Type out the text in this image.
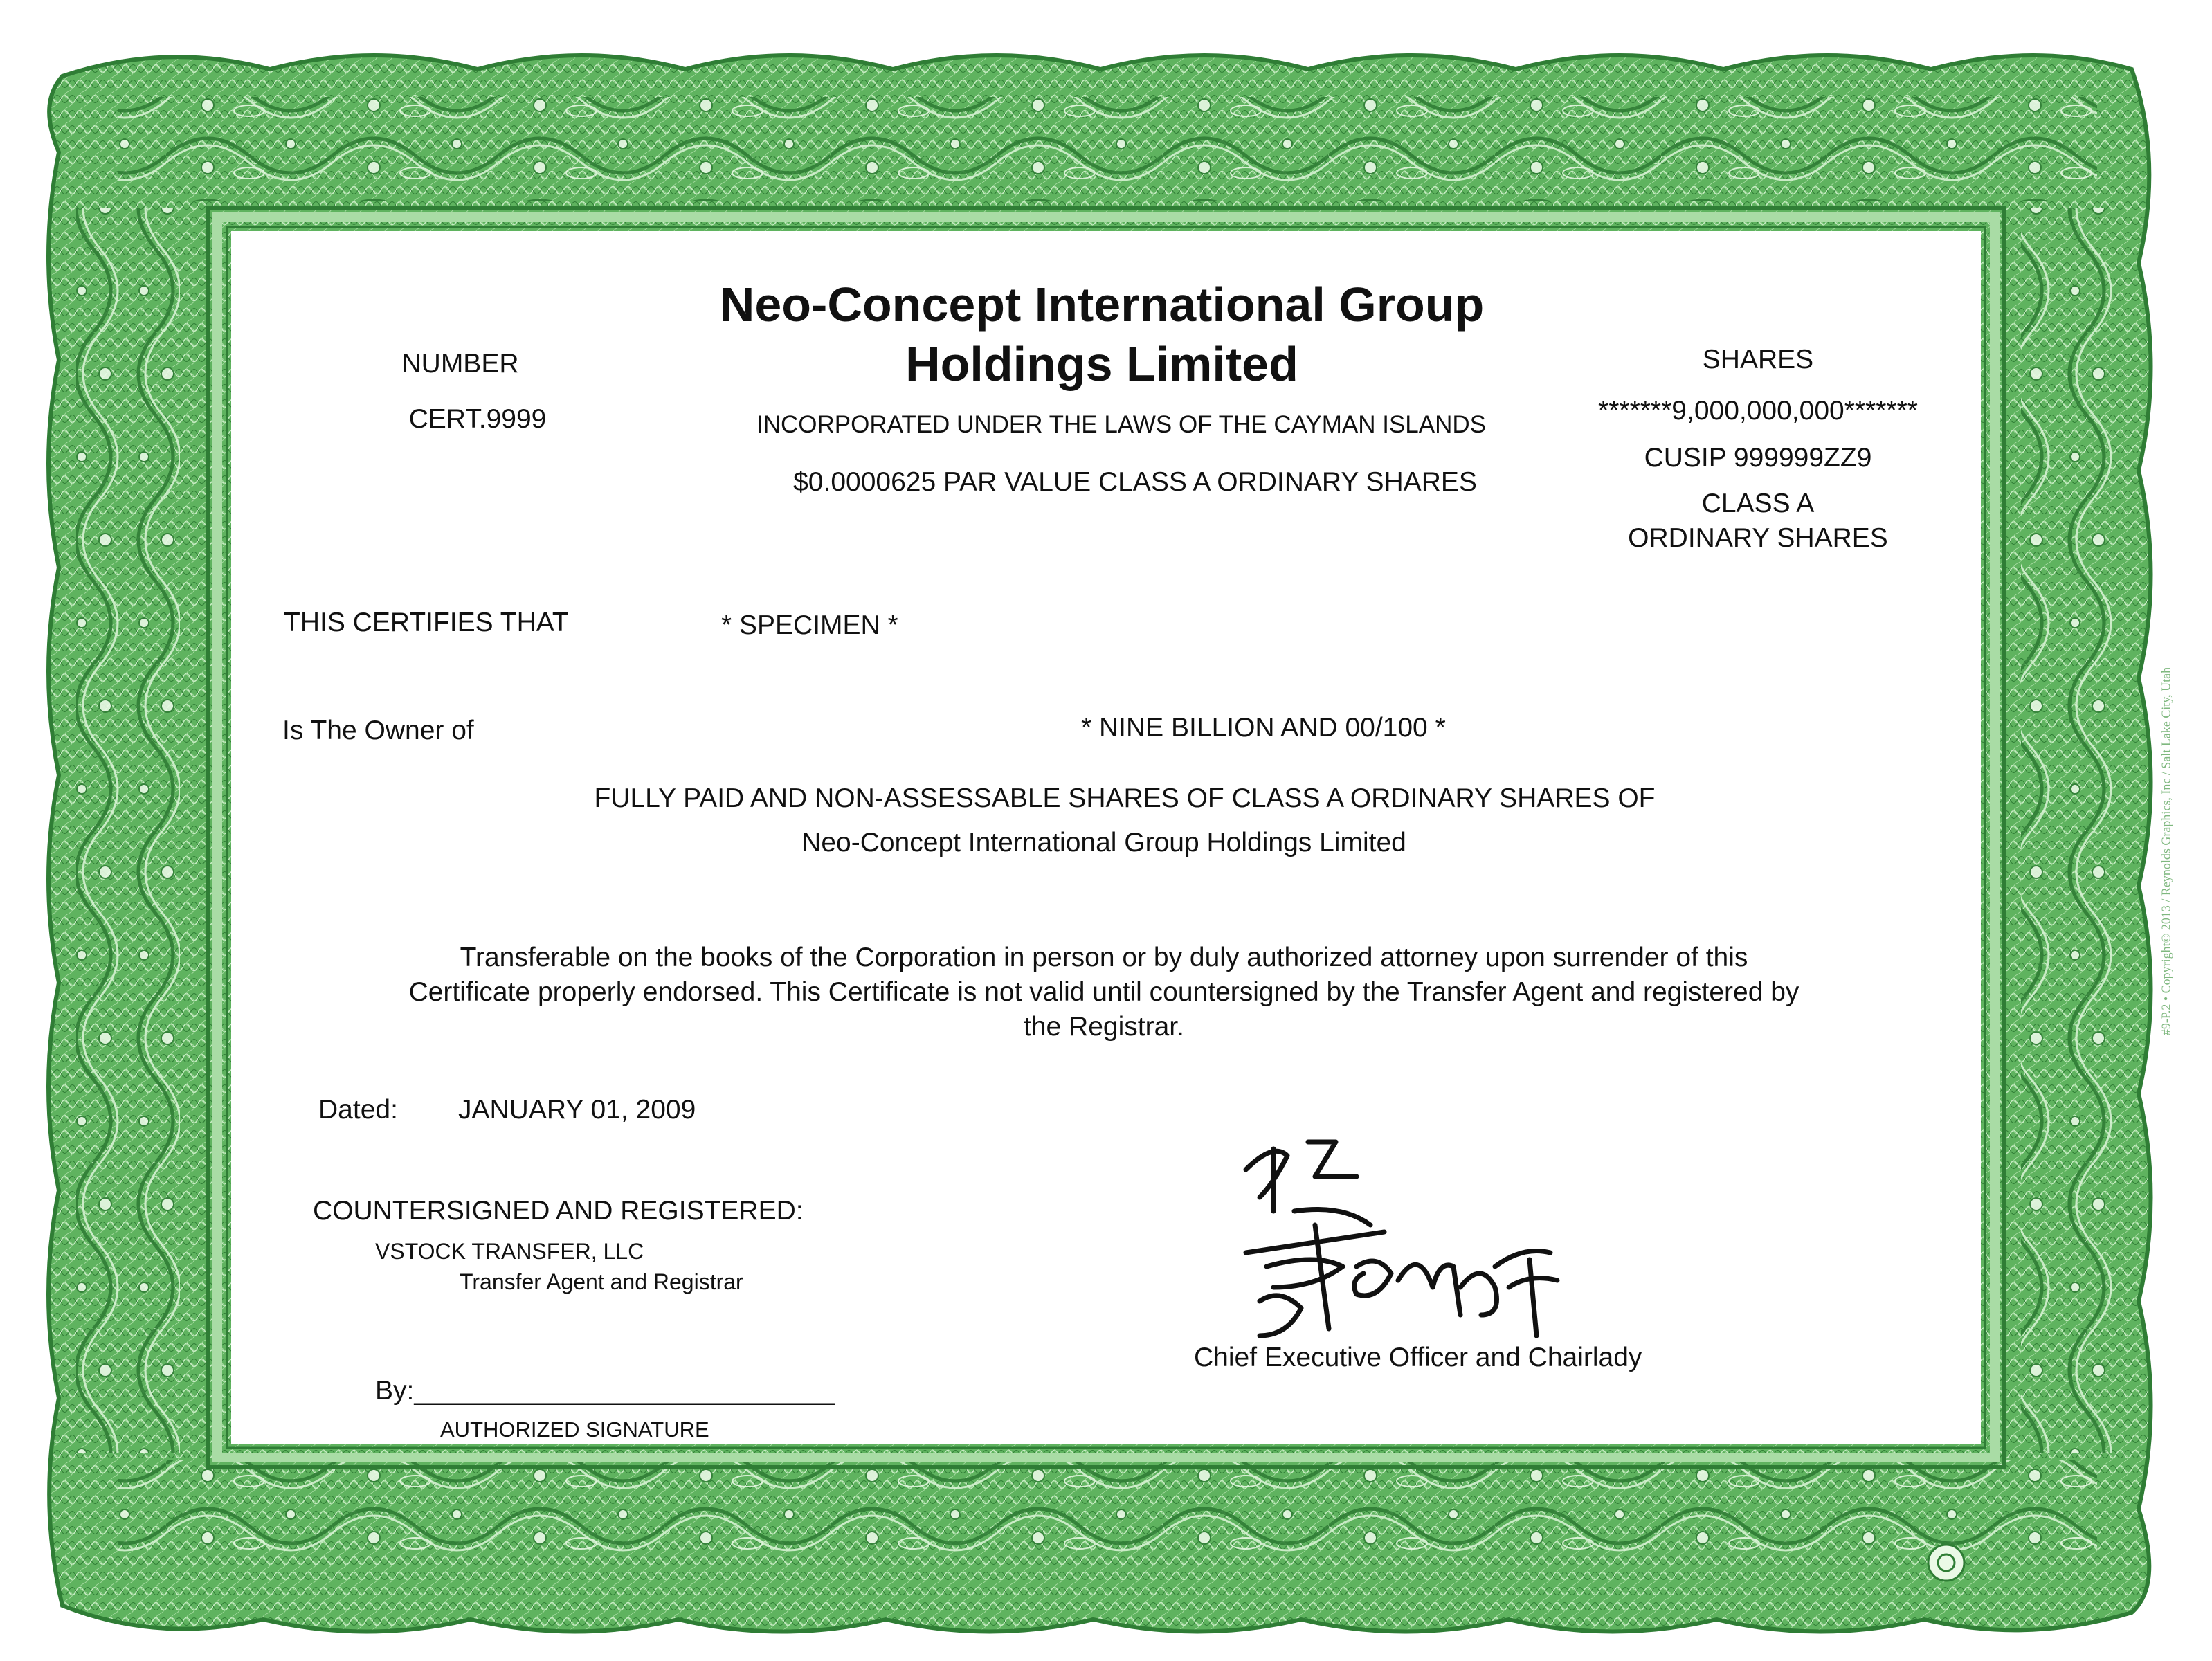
#9-P.2 • Copyright© 2013 / Reynolds Graphics, Inc / Salt Lake City, Utah
Neo-Concept International Group
Holdings Limited
INCORPORATED UNDER THE LAWS OF THE CAYMAN ISLANDS
$0.0000625 PAR VALUE CLASS A ORDINARY SHARES
NUMBER
CERT.9999
SHARES
*******9,000,000,000*******
CUSIP 999999ZZ9
CLASS A
ORDINARY SHARES
THIS CERTIFIES THAT	* SPECIMEN *
Is The Owner of	* NINE BILLION AND 00/100 *
FULLY PAID AND NON-ASSESSABLE SHARES OF CLASS A ORDINARY SHARES OF
Neo-Concept International Group Holdings Limited
Transferable on the books of the Corporation in person or by duly authorized attorney upon surrender of this
Certificate properly endorsed. This Certificate is not valid until countersigned by the Transfer Agent and registered by
the Registrar.
Dated: JANUARY 01, 2009
COUNTERSIGNED AND REGISTERED:
VSTOCK TRANSFER, LLC
Transfer Agent and Registrar
By:____________________________
AUTHORIZED SIGNATURE
Chief Executive Officer and Chairlady
